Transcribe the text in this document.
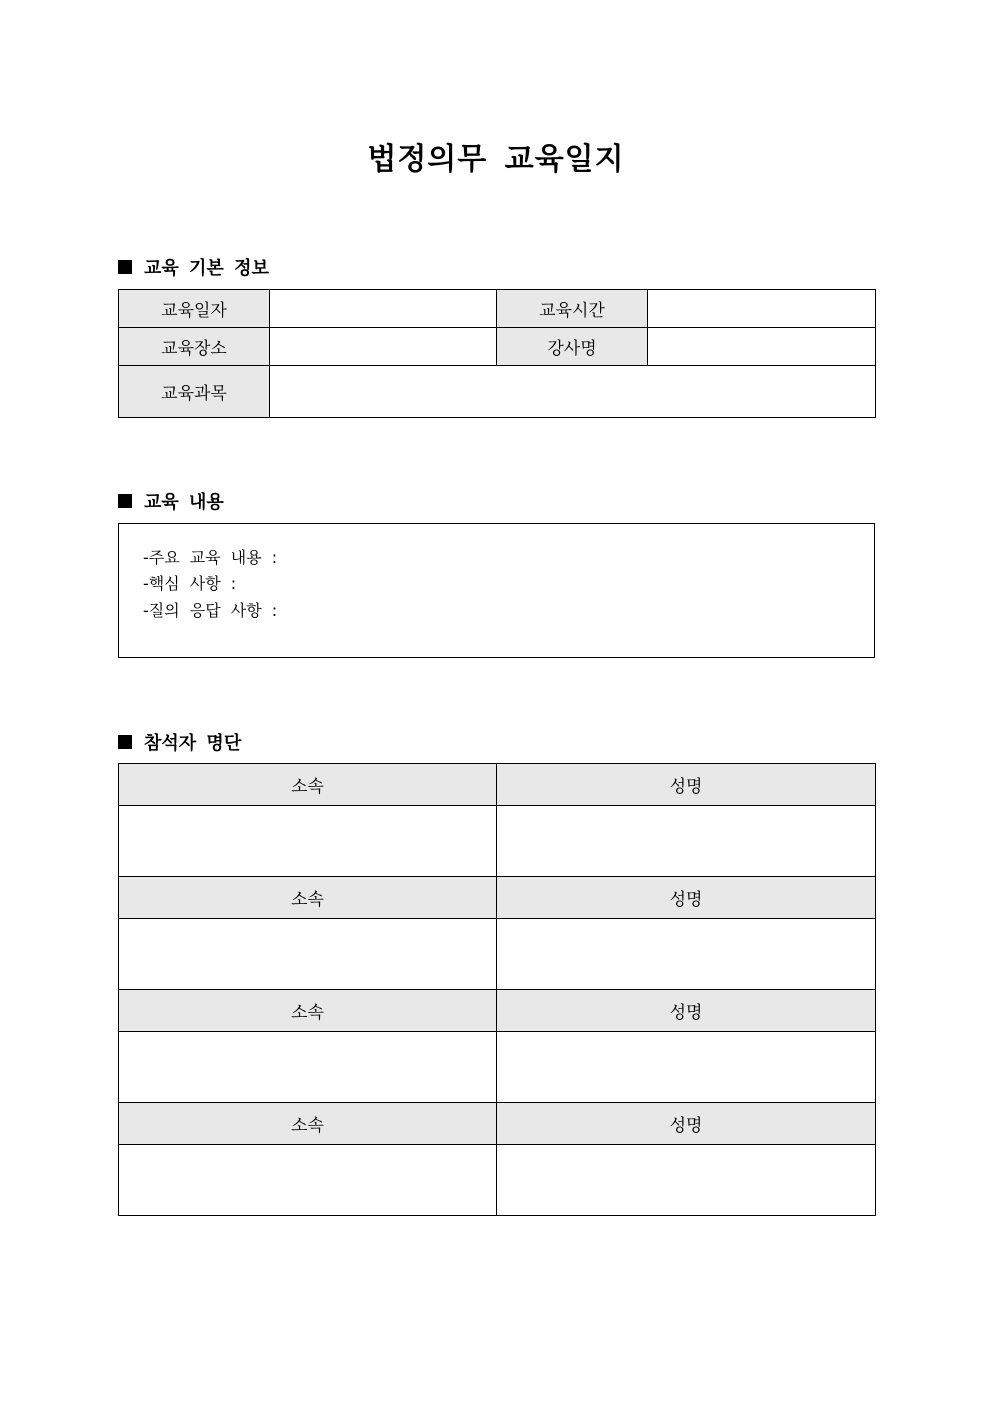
법정의무 교육일지
교육 기본 정보
교육일자		교육시간	
교육장소		강사명	
교육과목			
교육 내용
-주요 교육 내용 :
-핵심 사항 :
-질의 응답 사항 :
참석자 명단
소속	성명

소속	성명

소속	성명

소속	성명
